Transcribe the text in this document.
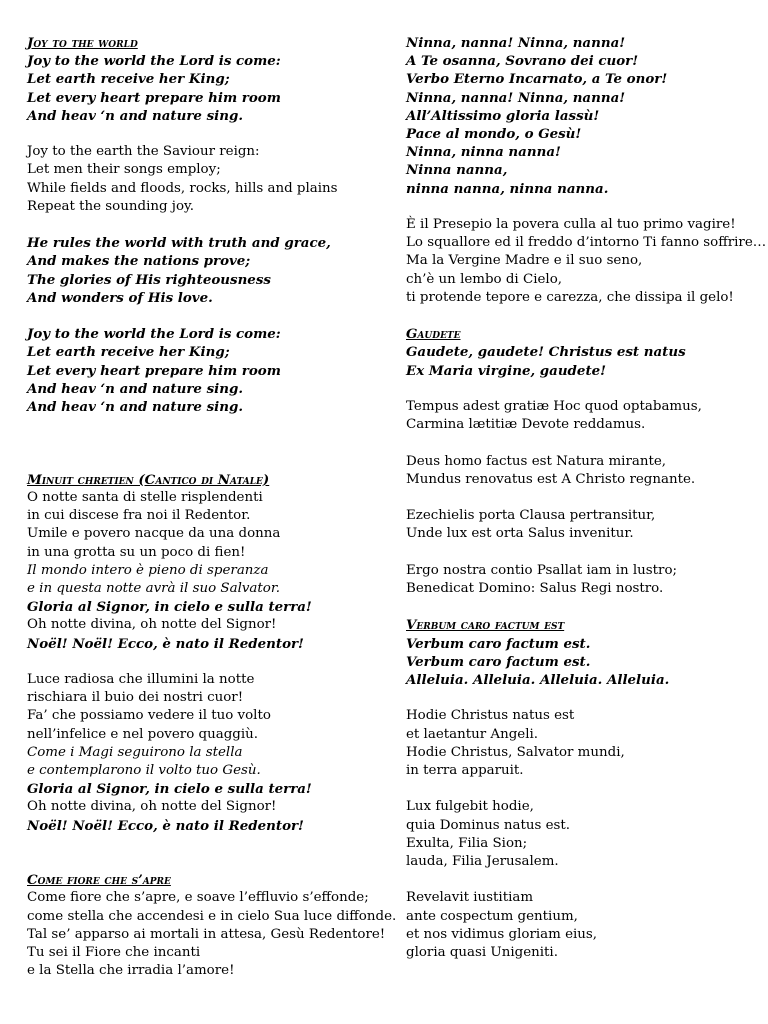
Joy to the world
Joy to the world the Lord is come:
Let earth receive her King;
Let every heart prepare him room
And heav ‘n and nature sing.
Joy to the earth the Saviour reign:
Let men their songs employ;
While fields and floods, rocks, hills and plains
Repeat the sounding joy.
He rules the world with truth and grace,
And makes the nations prove;
The glories of His righteousness
And wonders of His love.
Joy to the world the Lord is come:
Let earth receive her King;
Let every heart prepare him room
And heav ‘n and nature sing.
And heav ‘n and nature sing.
Minuit chretien (Cantico di Natale)
O notte santa di stelle risplendenti
in cui discese fra noi il Redentor.
Umile e povero nacque da una donna
in una grotta su un poco di fien!
Il mondo intero è pieno di speranza
e in questa notte avrà il suo Salvator.
Gloria al Signor, in cielo e sulla terra!
Oh notte divina, oh notte del Signor!
Noël! Noël! Ecco, è nato il Redentor!
Luce radiosa che illumini la notte
rischiara il buio dei nostri cuor!
Fa’ che possiamo vedere il tuo volto
nell’infelice e nel povero quaggiù.
Come i Magi seguirono la stella
e contemplarono il volto tuo Gesù.
Gloria al Signor, in cielo e sulla terra!
Oh notte divina, oh notte del Signor!
Noël! Noël! Ecco, è nato il Redentor!
Come fiore che s’apre
Come fiore che s’apre, e soave l’effluvio s’effonde;
come stella che accendesi e in cielo Sua luce diffonde.
Tal se’ apparso ai mortali in attesa, Gesù Redentore!
Tu sei il Fiore che incanti
e la Stella che irradia l’amore!
Ninna, nanna! Ninna, nanna!
A Te osanna, Sovrano dei cuor!
Verbo Eterno Incarnato, a Te onor!
Ninna, nanna! Ninna, nanna!
All’Altissimo gloria lassù!
Pace al mondo, o Gesù!
Ninna, ninna nanna!
Ninna nanna,
ninna nanna, ninna nanna.
È il Presepio la povera culla al tuo primo vagire!
Lo squallore ed il freddo d’intorno Ti fanno soffrire…
Ma la Vergine Madre e il suo seno,
ch’è un lembo di Cielo,
ti protende tepore e carezza, che dissipa il gelo!
Gaudete
Gaudete, gaudete! Christus est natus
Ex Maria virgine, gaudete!
Tempus adest gratiæ Hoc quod optabamus,
Carmina lætitiæ Devote reddamus.
Deus homo factus est Natura mirante,
Mundus renovatus est A Christo regnante.
Ezechielis porta Clausa pertransitur,
Unde lux est orta Salus invenitur.
Ergo nostra contio Psallat iam in lustro;
Benedicat Domino: Salus Regi nostro.
Verbum caro factum est
Verbum caro factum est.
Verbum caro factum est.
Alleluia. Alleluia. Alleluia. Alleluia.
Hodie Christus natus est
et laetantur Angeli.
Hodie Christus, Salvator mundi,
in terra apparuit.
Lux fulgebit hodie,
quia Dominus natus est.
Exulta, Filia Sion;
lauda, Filia Jerusalem.
Revelavit iustitiam
ante cospectum gentium,
et nos vidimus gloriam eius,
gloria quasi Unigeniti.
